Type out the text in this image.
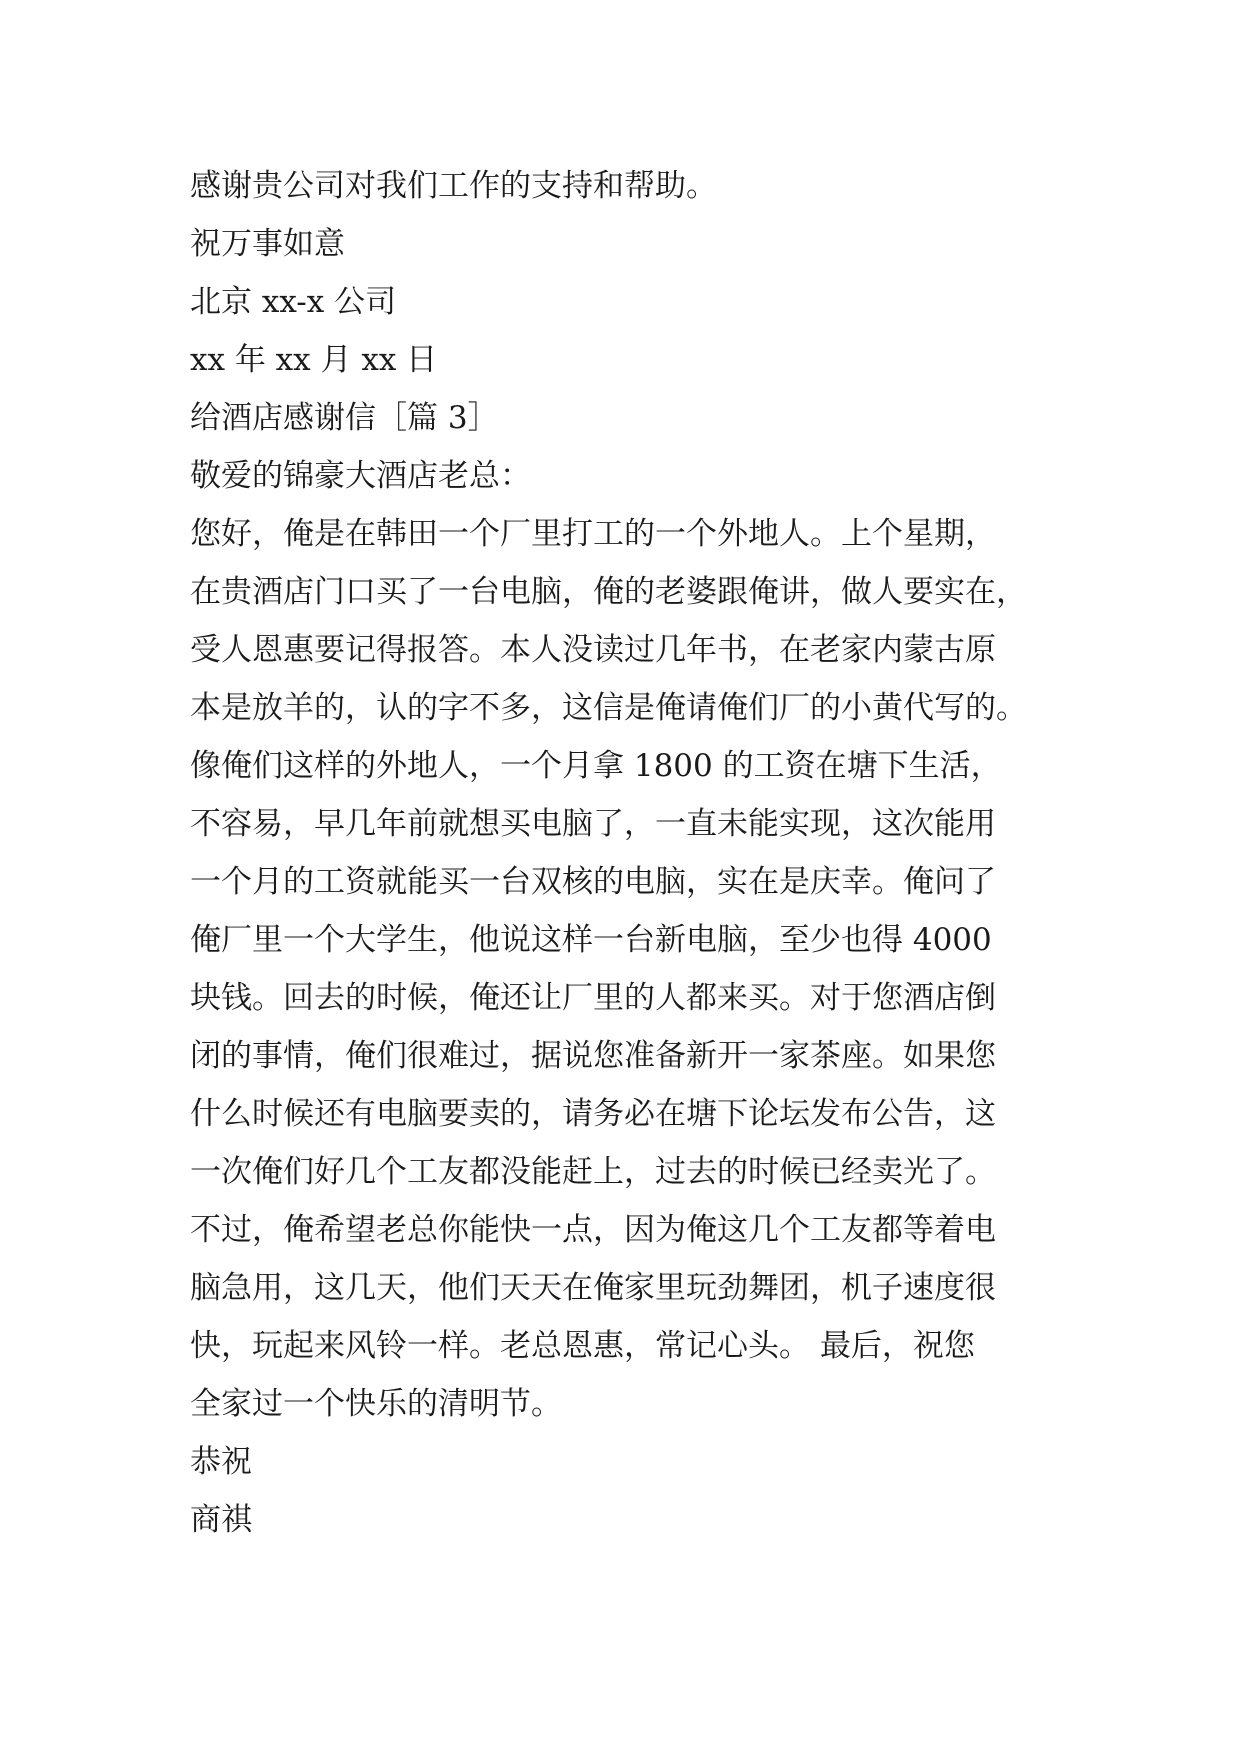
感谢贵公司对我们工作的支持和帮助。
祝万事如意
北京 xx-x 公司
xx 年 xx 月 xx 日
给酒店感谢信［篇 3］
敬爱的锦豪大酒店老总：
您好，俺是在韩田一个厂里打工的一个外地人。上个星期，
在贵酒店门口买了一台电脑，俺的老婆跟俺讲，做人要实在，
受人恩惠要记得报答。本人没读过几年书，在老家内蒙古原
本是放羊的，认的字不多，这信是俺请俺们厂的小黄代写的。
像俺们这样的外地人，一个月拿 1800 的工资在塘下生活，
不容易，早几年前就想买电脑了，一直未能实现，这次能用
一个月的工资就能买一台双核的电脑，实在是庆幸。俺问了
俺厂里一个大学生，他说这样一台新电脑，至少也得 4000
块钱。回去的时候，俺还让厂里的人都来买。对于您酒店倒
闭的事情，俺们很难过，据说您准备新开一家茶座。如果您
什么时候还有电脑要卖的，请务必在塘下论坛发布公告，这
一次俺们好几个工友都没能赶上，过去的时候已经卖光了。
不过，俺希望老总你能快一点，因为俺这几个工友都等着电
脑急用，这几天，他们天天在俺家里玩劲舞团，机子速度很
快，玩起来风铃一样。老总恩惠，常记心头。 最后，祝您
全家过一个快乐的清明节。
恭祝
商祺
